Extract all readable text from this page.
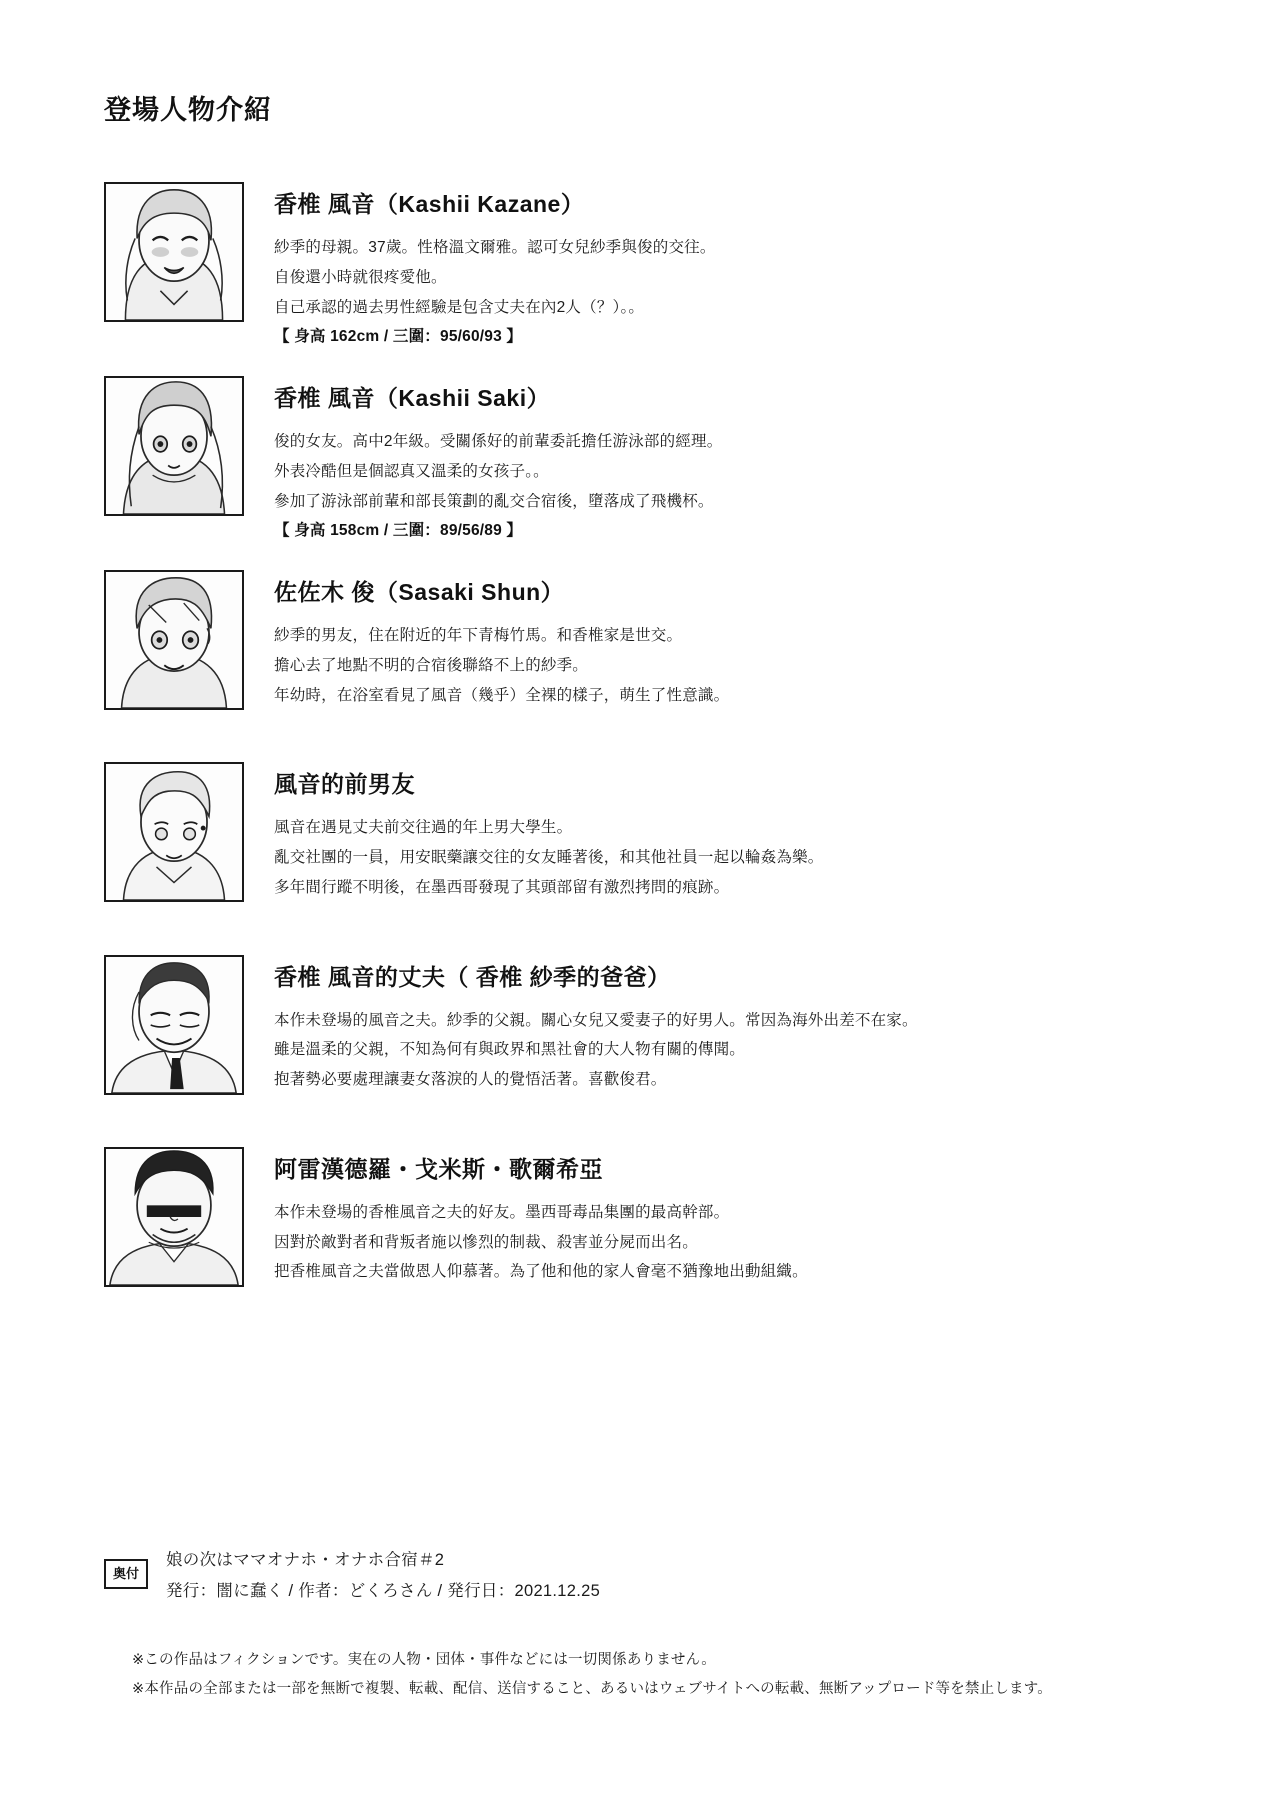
登場人物介紹
香椎 風音（Kashii Kazane）
紗季的母親。37歲。性格溫文爾雅。認可女兒紗季與俊的交往。
自俊還小時就很疼愛他。
自己承認的過去男性經驗是包含丈夫在內2人（？）。。
【 身高 162cm / 三圍：95/60/93 】
香椎 風音（Kashii Saki）
俊的女友。高中2年級。受關係好的前輩委託擔任游泳部的經理。
外表冷酷但是個認真又溫柔的女孩子。。
參加了游泳部前輩和部長策劃的亂交合宿後，墮落成了飛機杯。
【 身高 158cm / 三圍：89/56/89 】
佐佐木 俊（Sasaki Shun）
紗季的男友，住在附近的年下青梅竹馬。和香椎家是世交。
擔心去了地點不明的合宿後聯絡不上的紗季。
年幼時，在浴室看見了風音（幾乎）全裸的樣子，萌生了性意識。
風音的前男友
風音在遇見丈夫前交往過的年上男大學生。
亂交社團的一員，用安眠藥讓交往的女友睡著後，和其他社員一起以輪姦為樂。
多年間行蹤不明後，在墨西哥發現了其頭部留有激烈拷問的痕跡。
香椎 風音的丈夫（ 香椎 紗季的爸爸）
本作未登場的風音之夫。紗季的父親。關心女兒又愛妻子的好男人。常因為海外出差不在家。
雖是溫柔的父親，不知為何有與政界和黑社會的大人物有關的傳聞。
抱著勢必要處理讓妻女落淚的人的覺悟活著。喜歡俊君。
阿雷漢德羅・戈米斯・歌爾希亞
本作未登場的香椎風音之夫的好友。墨西哥毒品集團的最高幹部。
因對於敵對者和背叛者施以慘烈的制裁、殺害並分屍而出名。
把香椎風音之夫當做恩人仰慕著。為了他和他的家人會毫不猶豫地出動組織。
奥付
娘の次はママオナホ・オナホ合宿＃2
発行：闇に蠢く / 作者：どくろさん / 発行日：2021.12.25
※この作品はフィクションです。実在の人物・団体・事件などには一切関係ありません。
※本作品の全部または一部を無断で複製、転載、配信、送信すること、あるいはウェブサイトへの転載、無断アップロード等を禁止します。
